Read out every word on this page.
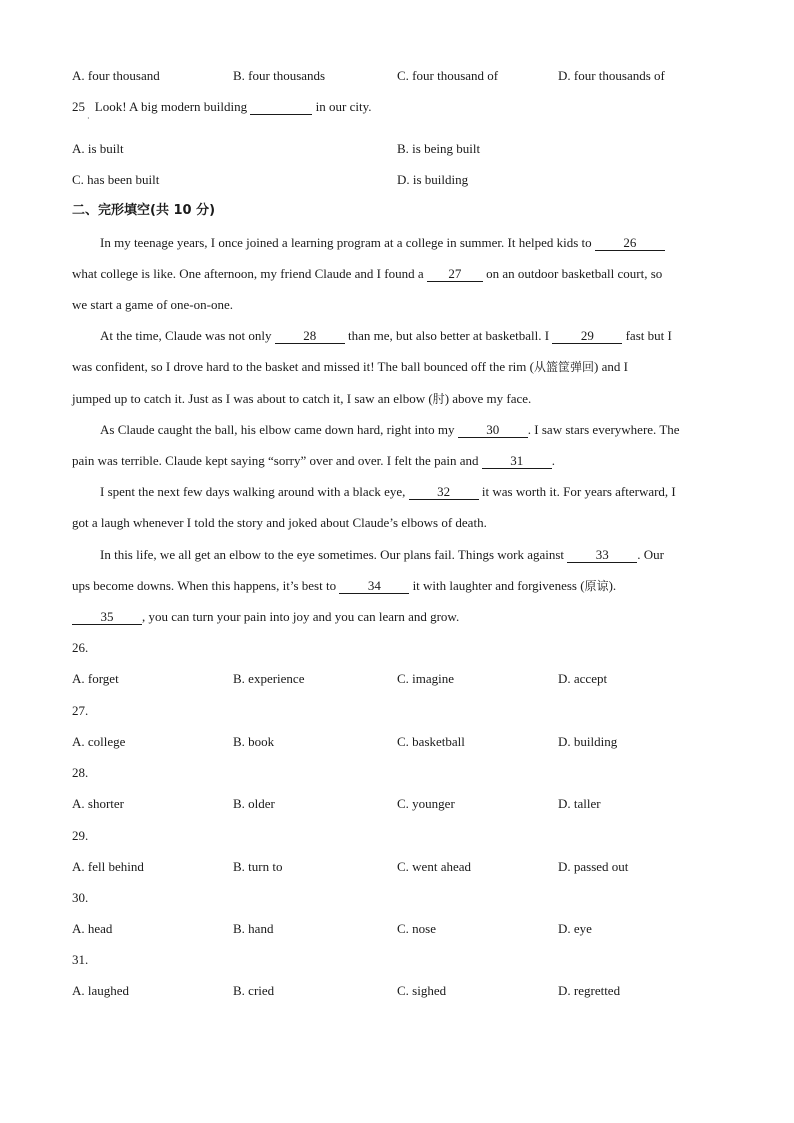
A. four thousand	B. four thousands	C. four thousand of	D. four thousands of
25 Look! A big modern building	in our city.
·
A. is built	B. is being built
C. has been built	D. is building
二、完形填空(共 10 分)
In my teenage years, I once joined a learning program at a college in summer. It helped kids to 26
what college is like. One afternoon, my friend Claude and I found a 27 on an outdoor basketball court, so
we start a game of one-on-one.
At the time, Claude was not only 28 than me, but also better at basketball. I 29 fast but I
was confident, so I drove hard to the basket and missed it! The ball bounced off the rim (从篮筐弹回) and I
jumped up to catch it. Just as I was about to catch it, I saw an elbow (肘) above my face.
As Claude caught the ball, his elbow came down hard, right into my 30 . I saw stars everywhere. The
pain was terrible. Claude kept saying “sorry” over and over. I felt the pain and 31 .
I spent the next few days walking around with a black eye, 32 it was worth it. For years afterward, I
got a laugh whenever I told the story and joked about Claude’s elbows of death.
In this life, we all get an elbow to the eye sometimes. Our plans fail. Things work against 33 . Our
ups become downs. When this happens, it’s best to 34 it with laughter and forgiveness (原谅).
35 , you can turn your pain into joy and you can learn and grow.
26.
A. forget	B. experience	C. imagine	D. accept
27.
A. college	B. book	C. basketball	D. building
28.
A. shorter	B. older	C. younger	D. taller
29.
A. fell behind	B. turn to	C. went ahead	D. passed out
30.
A. head	B. hand	C. nose	D. eye
31.
A. laughed	B. cried	C. sighed	D. regretted
